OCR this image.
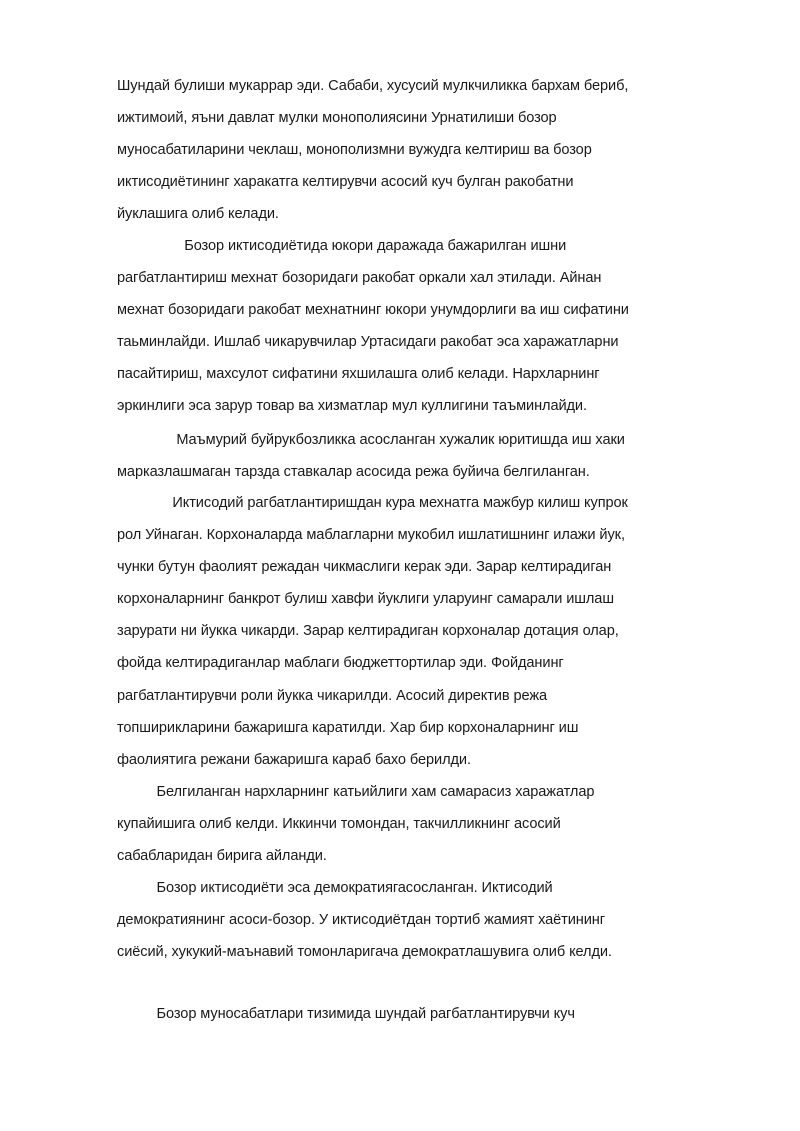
Шундай булиши мукаррар эди. Сабаби, хусусий мулкчиликка бархам бериб,
ижтимоий, яъни давлат мулки монополиясини Урнатилиши бозор
муносабатиларини чеклаш, монополизмни вужудга келтириш ва бозор
иктисодиётининг харакатга келтирувчи асосий куч булган ракобатни
йуклашига олиб келади.
Бозор иктисодиётида юкори даражада бажарилган ишни
рагбатлантириш мехнат бозоридаги ракобат оркали хал этилади. Айнан
мехнат бозоридаги ракобат мехнатнинг юкори унумдорлиги ва иш сифатини
таьминлайди. Ишлаб чикарувчилар Уртасидаги ракобат эса харажатларни
пасайтириш, махсулот сифатини яхшилашга олиб келади. Нархларнинг
эркинлиги эса зарур товар ва хизматлар мул куллигини таъминлайди.
Маъмурий буйрукбозликка асосланган хужалик юритишда иш хаки
марказлашмаган тарзда ставкалар асосида режа буйича белгиланган.
Иктисодий рагбатлантиришдан кура мехнатга мажбур килиш купрок
рол Уйнаган. Корхоналарда маблагларни мукобил ишлатишнинг илажи йук,
чунки бутун фаолият режадан чикмаслиги керак эди. Зарар келтирадиган
корхоналарнинг банкрот булиш хавфи йуклиги уларуинг самарали ишлаш
зарурати ни йукка чикарди. Зарар келтирадиган корхоналар дотация олар,
фойда келтирадиганлар маблаги бюджеттортилар эди. Фойданинг
рагбатлантирувчи роли йукка чикарилди. Асосий директив режа
топширикларини бажаришга каратилди. Хар бир корхоналарнинг иш
фаолиятига режани бажаришга караб бахо берилди.
Белгиланган нархларнинг катьийлиги хам самарасиз харажатлар
купайишига олиб келди. Иккинчи томондан, такчилликнинг асосий
сабабларидан бирига айланди.
Бозор иктисодиёти эса демократиягасосланган. Иктисодий
демократиянинг асоси-бозор. У иктисодиётдан тортиб жамият хаётининг
сиёсий, хукукий-маънавий томонларигача демократлашувига олиб келди.
Бозор муносабатлари тизимида шундай рагбатлантирувчи куч
